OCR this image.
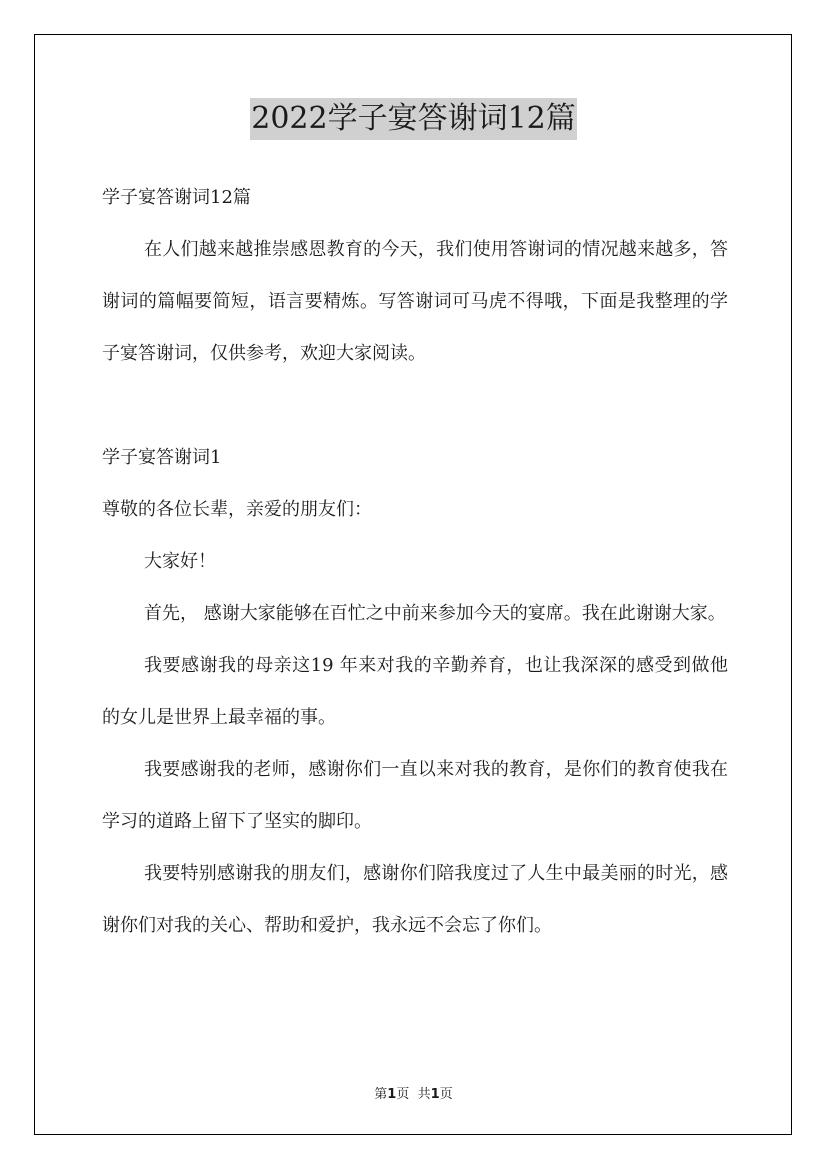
2022学子宴答谢词12篇

学子宴答谢词12篇

在人们越来越推崇感恩教育的今天，我们使用答谢词的情况越来越多，答谢词的篇幅要简短，语言要精炼。写答谢词可马虎不得哦，下面是我整理的学子宴答谢词，仅供参考，欢迎大家阅读。

学子宴答谢词1

尊敬的各位长辈，亲爱的朋友们：

大家好！

首先， 感谢大家能够在百忙之中前来参加今天的宴席。我在此谢谢大家。

我要感谢我的母亲这19 年来对我的辛勤养育，也让我深深的感受到做他的女儿是世界上最幸福的事。

我要感谢我的老师，感谢你们一直以来对我的教育，是你们的教育使我在学习的道路上留下了坚实的脚印。

我要特别感谢我的朋友们，感谢你们陪我度过了人生中最美丽的时光，感谢你们对我的关心、帮助和爱护，我永远不会忘了你们。

第1页 共1页
